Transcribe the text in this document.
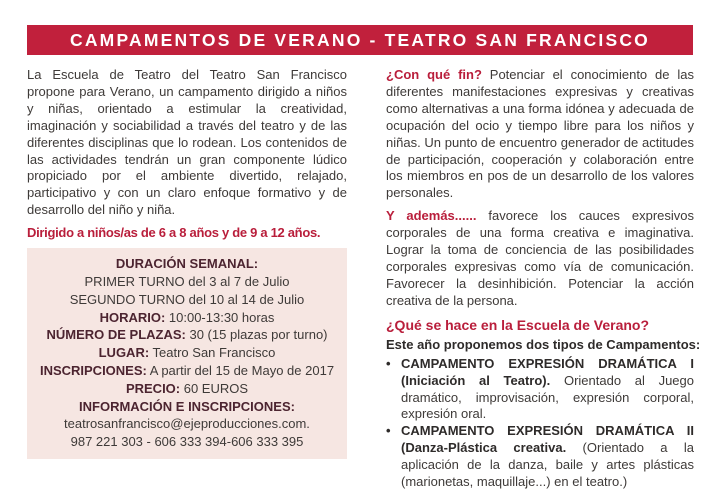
CAMPAMENTOS DE VERANO - TEATRO SAN FRANCISCO

La Escuela de Teatro del Teatro San Francisco propone para Verano, un campamento dirigido a niños y niñas, orientado a estimular la creatividad, imaginación y sociabilidad a través del teatro y de las diferentes disciplinas que lo rodean. Los contenidos de las actividades tendrán un gran componente lúdico propiciado por el ambiente divertido, relajado, participativo y con un claro enfoque formativo y de desarrollo del niño y niña.

Dirigido a niños/as de 6 a 8 años y de 9 a 12 años.
DURACIÓN SEMANAL:
PRIMER TURNO del 3 al 7 de Julio
SEGUNDO TURNO del 10 al 14 de Julio
HORARIO: 10:00-13:30 horas
NÚMERO DE PLAZAS: 30 (15 plazas por turno)
LUGAR: Teatro San Francisco
INSCRIPCIONES: A partir del 15 de Mayo de 2017
PRECIO: 60 EUROS
INFORMACIÓN E INSCRIPCIONES:
teatrosanfrancisco@ejeproducciones.com.
987 221 303 - 606 333 394-606 333 395

¿Con qué fin? Potenciar el conocimiento de las diferentes manifestaciones expresivas y creativas como alternativas a una forma idónea y adecuada de ocupación del ocio y tiempo libre para los niños y niñas. Un punto de encuentro generador de actitudes de participación, cooperación y colaboración entre los miembros en pos de un desarrollo de los valores personales.

Y además...... favorece los cauces expresivos corporales de una forma creativa e imaginativa. Lograr la toma de conciencia de las posibilidades corporales expresivas como vía de comunicación. Favorecer la desinhibición. Potenciar la acción creativa de la persona.

¿Qué se hace en la Escuela de Verano?
Este año proponemos dos tipos de Campamentos:
• CAMPAMENTO EXPRESIÓN DRAMÁTICA I (Iniciación al Teatro). Orientado al Juego dramático, improvisación, expresión corporal, expresión oral.
• CAMPAMENTO EXPRESIÓN DRAMÁTICA II (Danza-Plástica creativa. (Orientado a la aplicación de la danza, baile y artes plásticas (marionetas, maquillaje...) en el teatro.)
